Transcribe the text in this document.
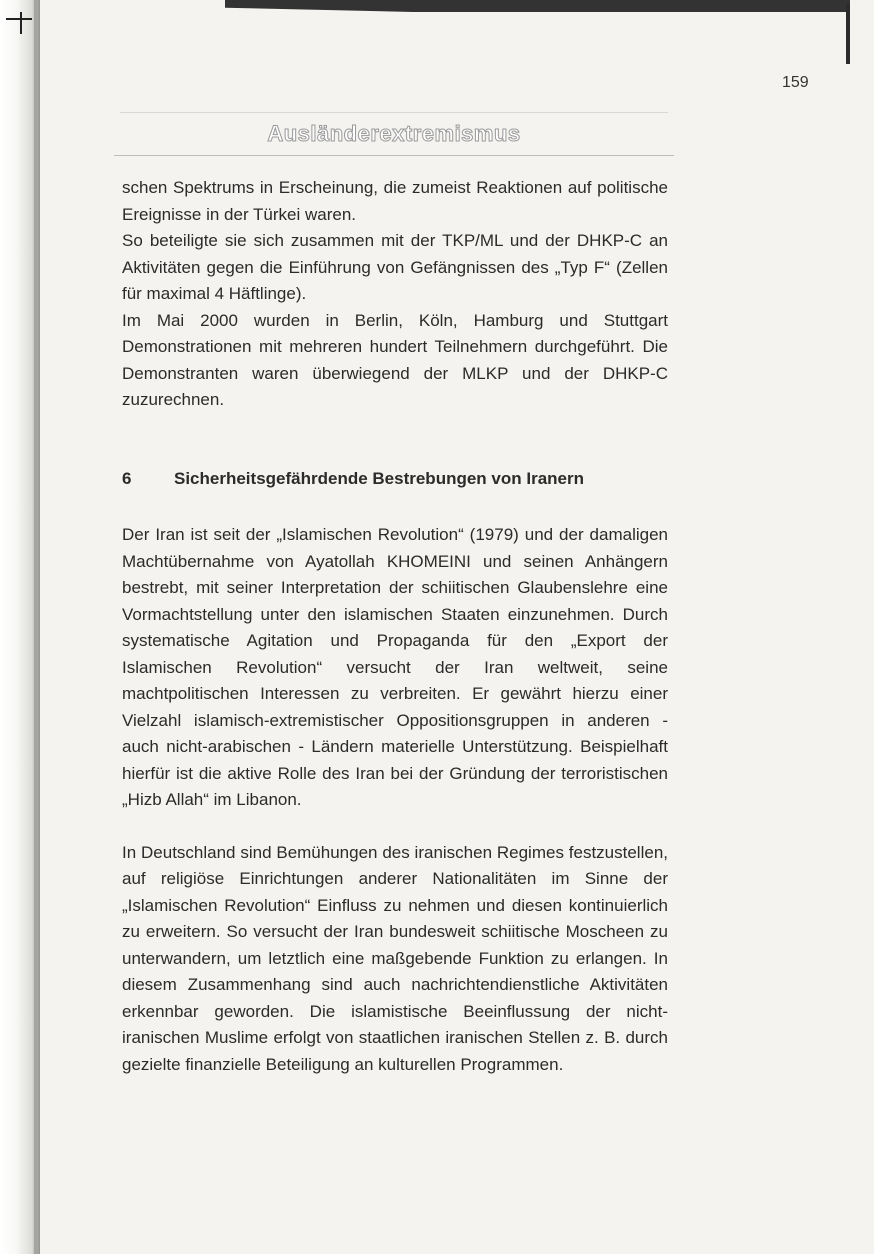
159
Ausländerextremismus

schen Spektrums in Erscheinung, die zumeist Reaktionen auf politische Ereignisse in der Türkei waren.

So beteiligte sie sich zusammen mit der TKP/ML und der DHKP-C an Aktivitäten gegen die Einführung von Gefängnissen des „Typ F“ (Zellen für maximal 4 Häftlinge).

Im Mai 2000 wurden in Berlin, Köln, Hamburg und Stuttgart Demonstrationen mit mehreren hundert Teilnehmern durchgeführt. Die Demonstranten waren überwiegend der MLKP und der DHKP-C zuzurechnen.

6	Sicherheitsgefährdende Bestrebungen von Iranern

Der Iran ist seit der „Islamischen Revolution“ (1979) und der damaligen Machtübernahme von Ayatollah KHOMEINI und seinen Anhängern bestrebt, mit seiner Interpretation der schiitischen Glaubenslehre eine Vormachtstellung unter den islamischen Staaten einzunehmen. Durch systematische Agitation und Propaganda für den „Export der Islamischen Revolution“ versucht der Iran weltweit, seine machtpolitischen Interessen zu verbreiten. Er gewährt hierzu einer Vielzahl islamisch-extremistischer Oppositionsgruppen in anderen - auch nicht-arabischen - Ländern materielle Unterstützung. Beispielhaft hierfür ist die aktive Rolle des Iran bei der Gründung der terroristischen „Hizb Allah“ im Libanon.

In Deutschland sind Bemühungen des iranischen Regimes festzustellen, auf religiöse Einrichtungen anderer Nationalitäten im Sinne der „Islamischen Revolution“ Einfluss zu nehmen und diesen kontinuierlich zu erweitern. So versucht der Iran bundesweit schiitische Moscheen zu unterwandern, um letztlich eine maßgebende Funktion zu erlangen. In diesem Zusammenhang sind auch nachrichtendienstliche Aktivitäten erkennbar geworden. Die islamistische Beeinflussung der nicht-iranischen Muslime erfolgt von staatlichen iranischen Stellen z. B. durch gezielte finanzielle Beteiligung an kulturellen Programmen.
